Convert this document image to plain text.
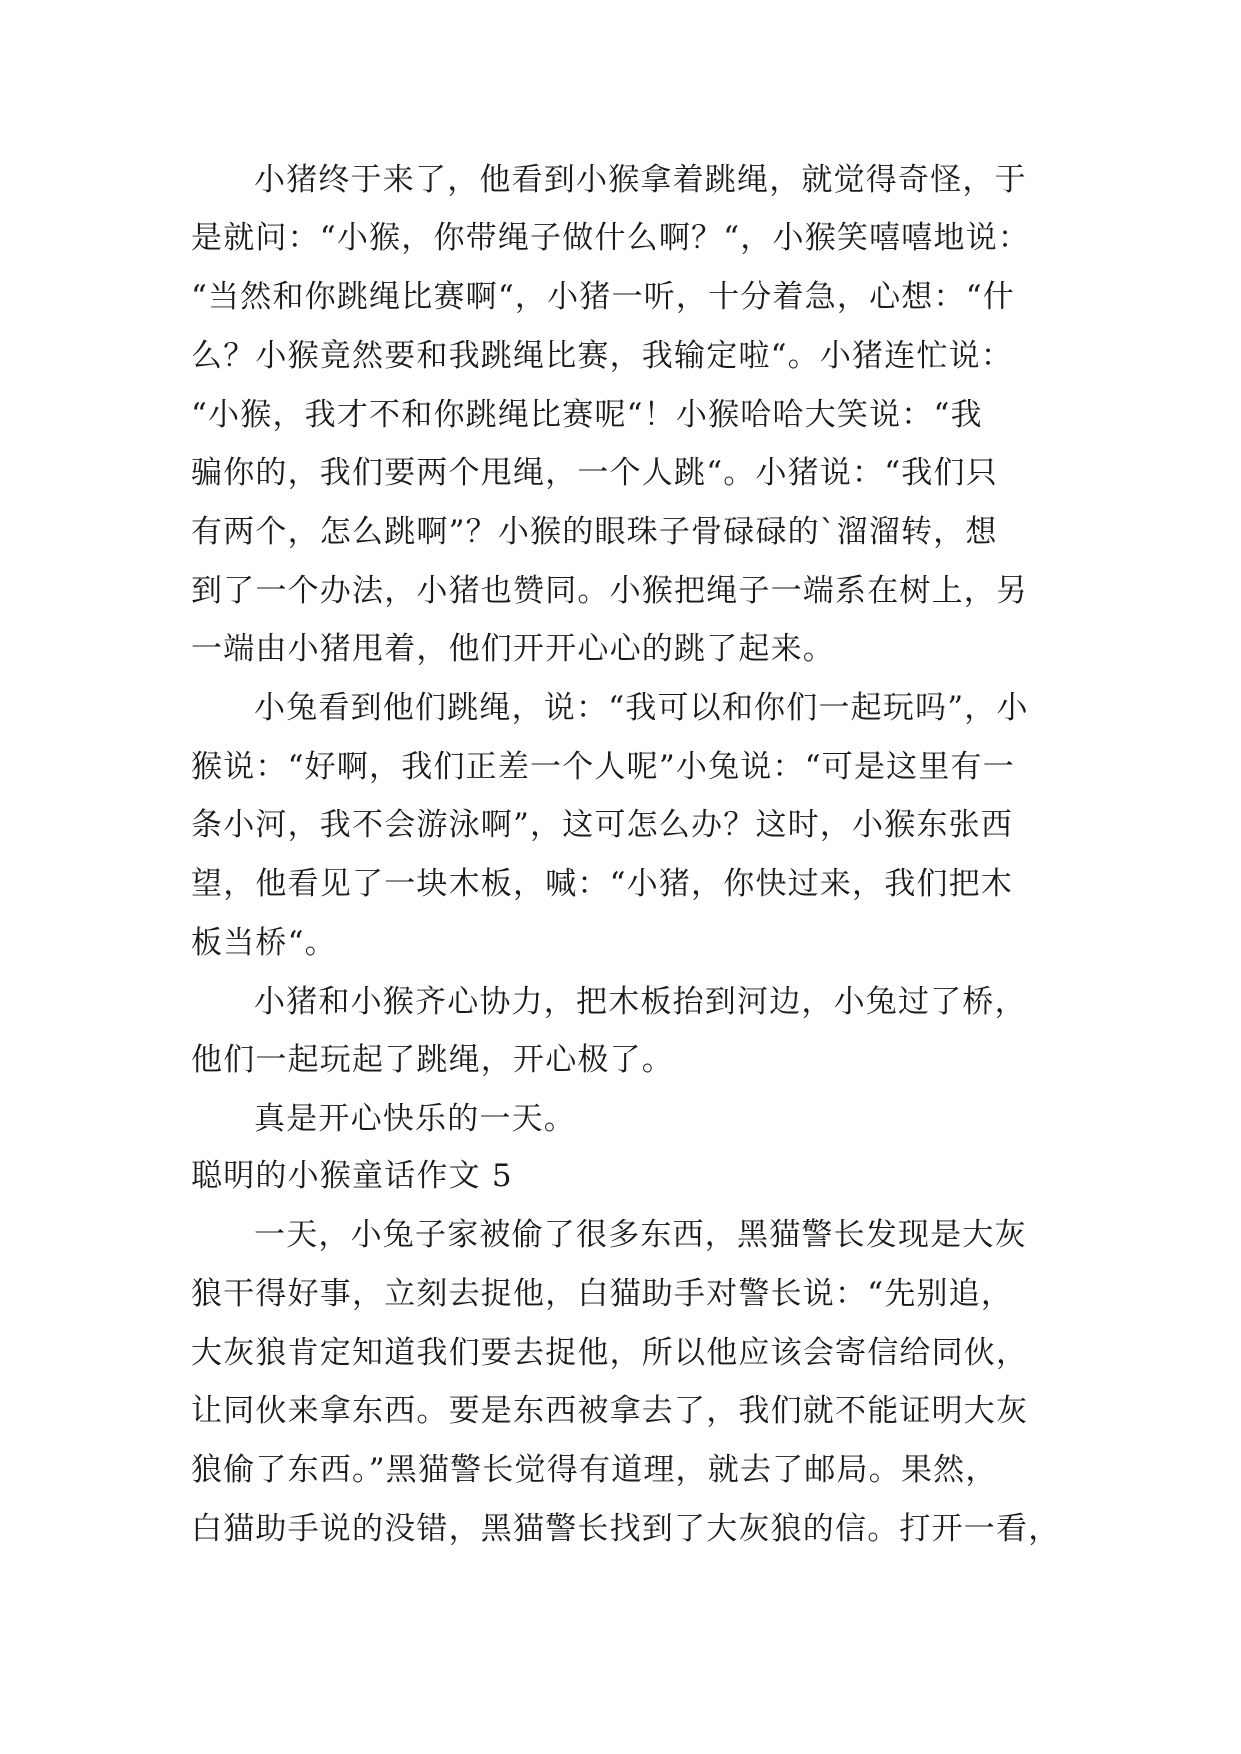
小猪终于来了，他看到小猴拿着跳绳，就觉得奇怪，于
是就问：“小猴，你带绳子做什么啊？“，小猴笑嘻嘻地说：
“当然和你跳绳比赛啊“，小猪一听，十分着急，心想：“什
么？小猴竟然要和我跳绳比赛，我输定啦“。小猪连忙说：
“小猴，我才不和你跳绳比赛呢“！小猴哈哈大笑说：“我
骗你的，我们要两个甩绳，一个人跳“。小猪说：“我们只
有两个，怎么跳啊”？小猴的眼珠子骨碌碌的`溜溜转，想
到了一个办法，小猪也赞同。小猴把绳子一端系在树上，另
一端由小猪甩着，他们开开心心的跳了起来。
小兔看到他们跳绳，说：“我可以和你们一起玩吗”，小
猴说：“好啊，我们正差一个人呢”小兔说：“可是这里有一
条小河，我不会游泳啊”，这可怎么办？这时，小猴东张西
望，他看见了一块木板，喊：“小猪，你快过来，我们把木
板当桥“。
小猪和小猴齐心协力，把木板抬到河边，小兔过了桥，
他们一起玩起了跳绳，开心极了。
真是开心快乐的一天。
聪明的小猴童话作文 5
一天，小兔子家被偷了很多东西，黑猫警长发现是大灰
狼干得好事，立刻去捉他，白猫助手对警长说：“先别追，
大灰狼肯定知道我们要去捉他，所以他应该会寄信给同伙，
让同伙来拿东西。要是东西被拿去了，我们就不能证明大灰
狼偷了东西。”黑猫警长觉得有道理，就去了邮局。果然，
白猫助手说的没错，黑猫警长找到了大灰狼的信。打开一看，
